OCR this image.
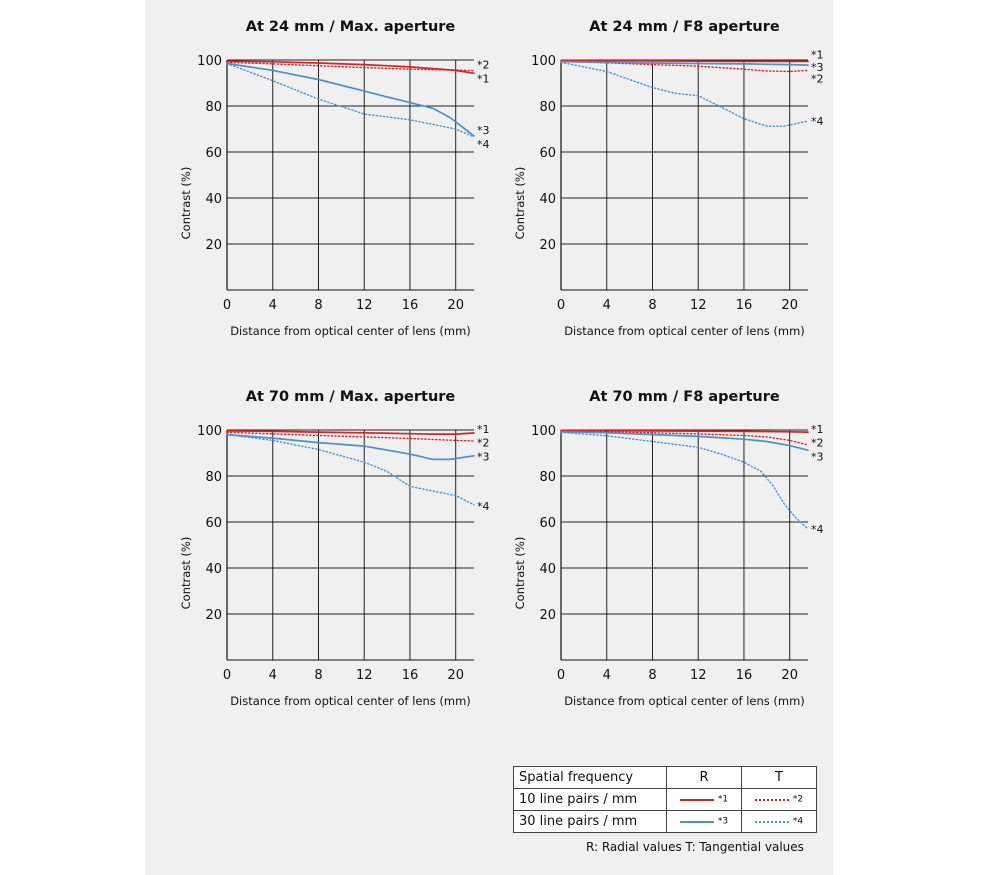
At 24 mm / Max. aperture
20
40
60
80
100
0	4	8	12 16 20
Distance from optical center of lens (mm)
Contrast (%)
*2
*1
*3
*4
At 24 mm / F8 aperture
20
40
60
80
100
0	4	8	12 16 20
Distance from optical center of lens (mm)
Contrast (%)
*1
*3
*2
*4
At 70 mm / Max. aperture
20
40
60
80
100
0	4	8	12 16 20
Distance from optical center of lens (mm)
Contrast (%)
*1
*2
*3
*4
At 70 mm / F8 aperture
20
40
60
80
100
0	4	8	12 16 20
Distance from optical center of lens (mm)
Contrast (%)
*1
*2
*3
*4
Spatial frequency	R	T
10 line pairs / mm	*1	*2
30 line pairs / mm	*3	*4
R: Radial values T: Tangential values
